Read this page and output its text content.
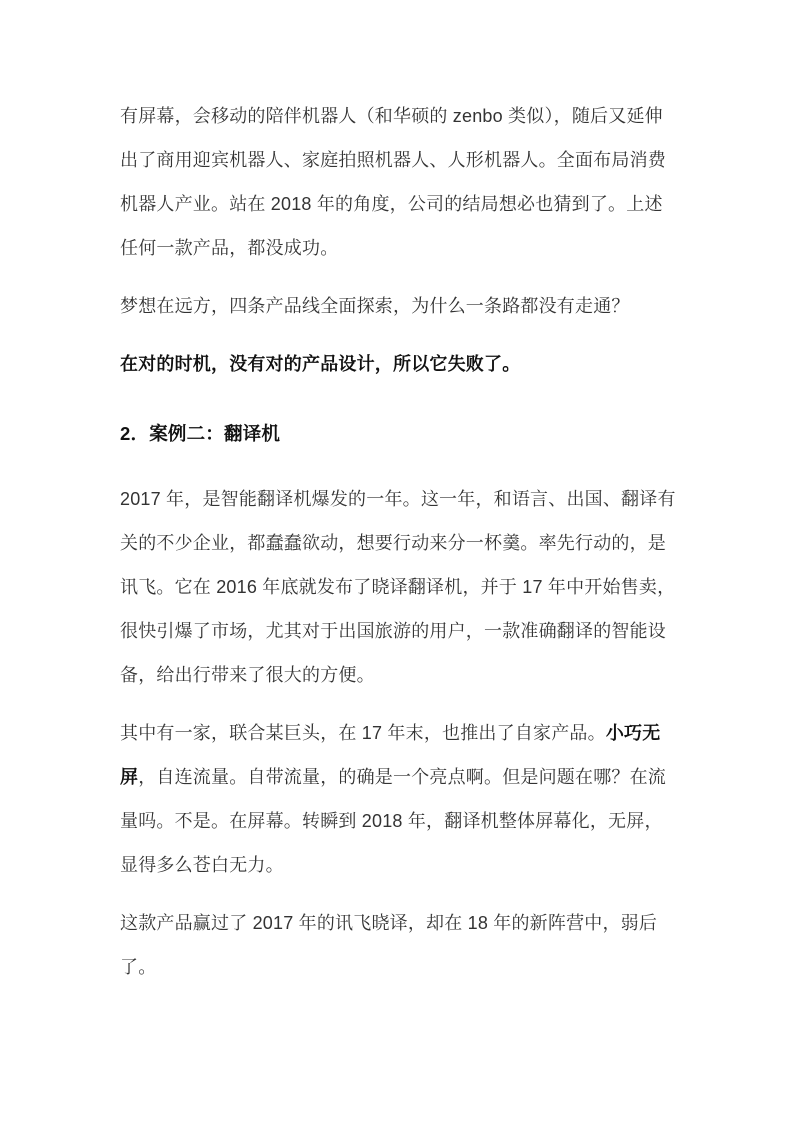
有屏幕，会移动的陪伴机器人（和华硕的 zenbo 类似），随后又延伸出了商用迎宾机器人、家庭拍照机器人、人形机器人。全面布局消费机器人产业。站在 2018 年的角度，公司的结局想必也猜到了。上述任何一款产品，都没成功。

梦想在远方，四条产品线全面探索，为什么一条路都没有走通？

在对的时机，没有对的产品设计，所以它失败了。

2．案例二：翻译机

2017 年，是智能翻译机爆发的一年。这一年，和语言、出国、翻译有关的不少企业，都蠢蠢欲动，想要行动来分一杯羹。率先行动的，是讯飞。它在 2016 年底就发布了晓译翻译机，并于 17 年中开始售卖，很快引爆了市场，尤其对于出国旅游的用户，一款准确翻译的智能设备，给出行带来了很大的方便。

其中有一家，联合某巨头，在 17 年末，也推出了自家产品。小巧无屏，自连流量。自带流量，的确是一个亮点啊。但是问题在哪？在流量吗。不是。在屏幕。转瞬到 2018 年，翻译机整体屏幕化，无屏，显得多么苍白无力。

这款产品赢过了 2017 年的讯飞晓译，却在 18 年的新阵营中，弱后了。
